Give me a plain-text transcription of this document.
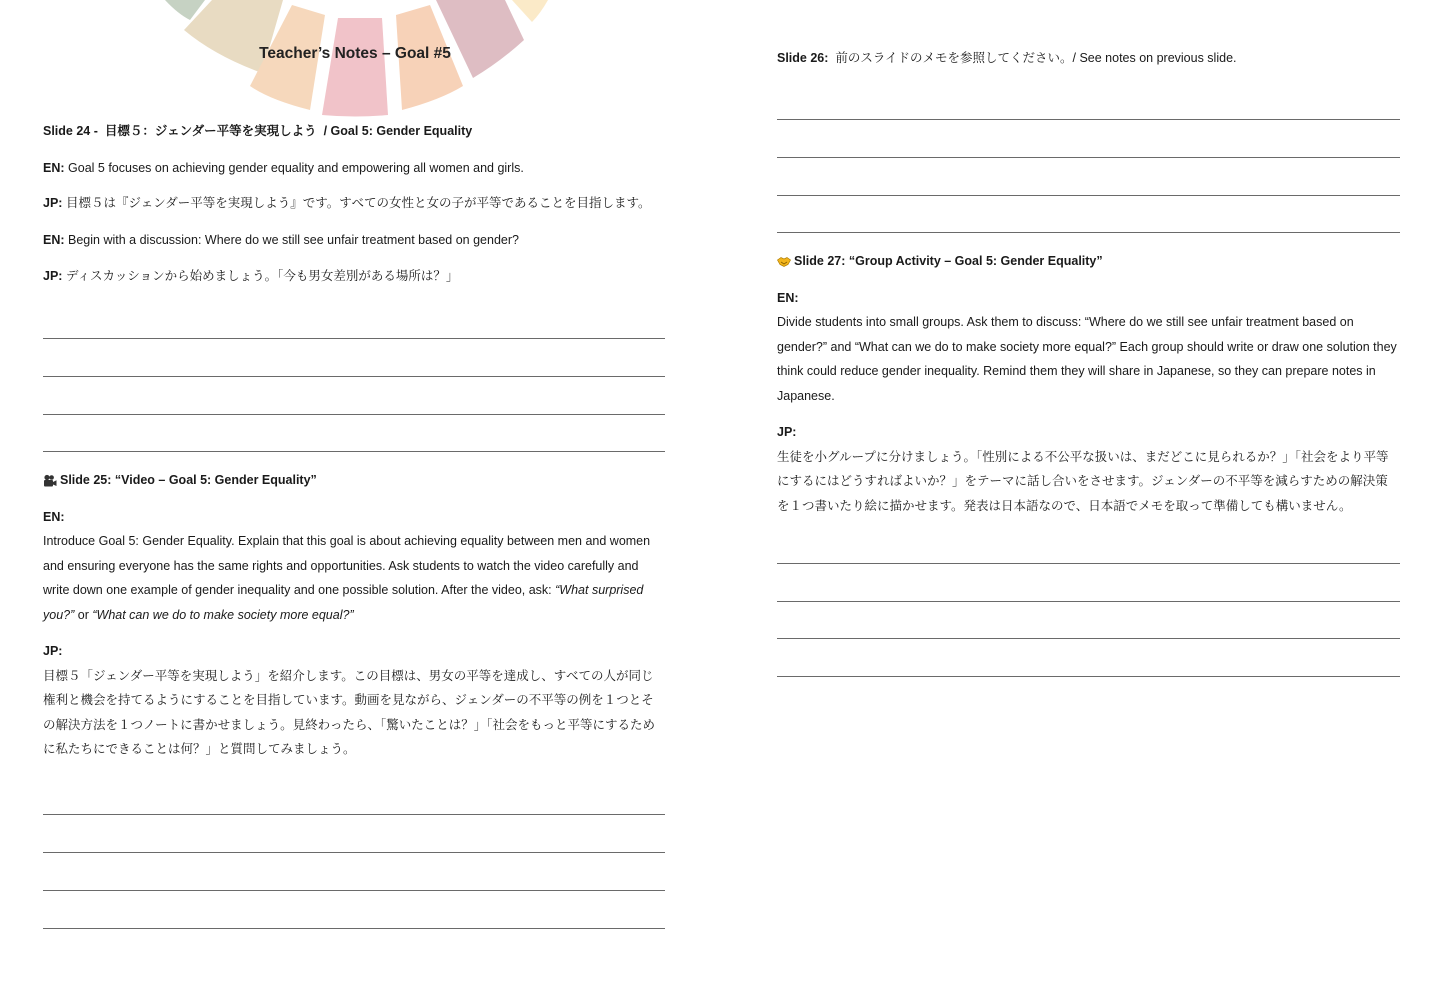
Teacher’s Notes – Goal #5

Slide 24 - 目標５：ジェンダー平等を実現しよう / Goal 5: Gender Equality

EN: Goal 5 focuses on achieving gender equality and empowering all women and girls.

JP: 目標５は『ジェンダー平等を実現しよう』です。すべての女性と女の子が平等であることを目指します。

EN: Begin with a discussion: Where do we still see unfair treatment based on gender?

JP: ディスカッションから始めましょう。「今も男女差別がある場所は？」

Slide 25: “Video – Goal 5: Gender Equality”

EN:

Introduce Goal 5: Gender Equality. Explain that this goal is about achieving equality between men and women and ensuring everyone has the same rights and opportunities. Ask students to watch the video carefully and write down one example of gender inequality and one possible solution. After the video, ask: “What surprised you?” or “What can we do to make society more equal?”

JP:

目標５「ジェンダー平等を実現しよう」を紹介します。この目標は、男女の平等を達成し、すべての人が同じ権利と機会を持てるようにすることを目指しています。動画を見ながら、ジェンダーの不平等の例を１つとその解決方法を１つノートに書かせましょう。見終わったら、「驚いたことは？」「社会をもっと平等にするために私たちにできることは何？」と質問してみましょう。

Slide 26: 前のスライドのメモを参照してください。/ See notes on previous slide.

Slide 27: “Group Activity – Goal 5: Gender Equality”

EN:

Divide students into small groups. Ask them to discuss: “Where do we still see unfair treatment based on gender?” and “What can we do to make society more equal?” Each group should write or draw one solution they think could reduce gender inequality. Remind them they will share in Japanese, so they can prepare notes in Japanese.

JP:

生徒を小グループに分けましょう。「性別による不公平な扱いは、まだどこに見られるか？」「社会をより平等にするにはどうすればよいか？」をテーマに話し合いをさせます。ジェンダーの不平等を減らすための解決策を１つ書いたり絵に描かせます。発表は日本語なので、日本語でメモを取って準備しても構いません。
